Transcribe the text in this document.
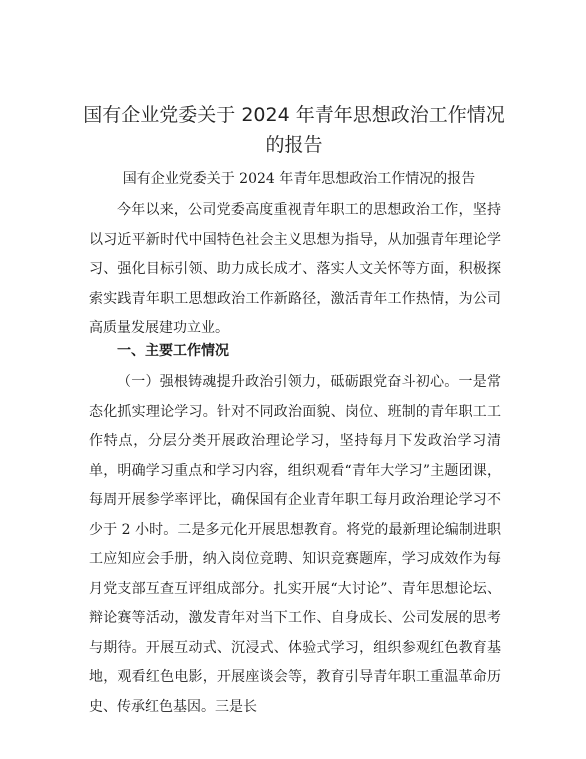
国有企业党委关于 2024 年青年思想政治工作情况的报告
国有企业党委关于 2024 年青年思想政治工作情况的报告
今年以来，公司党委高度重视青年职工的思想政治工作，坚持以习近平新时代中国特色社会主义思想为指导，从加强青年理论学习、强化目标引领、助力成长成才、落实人文关怀等方面，积极探索实践青年职工思想政治工作新路径，激活青年工作热情，为公司高质量发展建功立业。
一、主要工作情况
（一）强根铸魂提升政治引领力，砥砺跟党奋斗初心。一是常态化抓实理论学习。针对不同政治面貌、岗位、班制的青年职工工作特点，分层分类开展政治理论学习，坚持每月下发政治学习清单，明确学习重点和学习内容，组织观看“青年大学习”主题团课，每周开展参学率评比，确保国有企业青年职工每月政治理论学习不少于 2 小时。二是多元化开展思想教育。将党的最新理论编制进职工应知应会手册，纳入岗位竞聘、知识竞赛题库，学习成效作为每月党支部互查互评组成部分。扎实开展“大讨论”、青年思想论坛、辩论赛等活动，激发青年对当下工作、自身成长、公司发展的思考与期待。开展互动式、沉浸式、体验式学习，组织参观红色教育基地，观看红色电影，开展座谈会等，教育引导青年职工重温革命历史、传承红色基因。三是长
